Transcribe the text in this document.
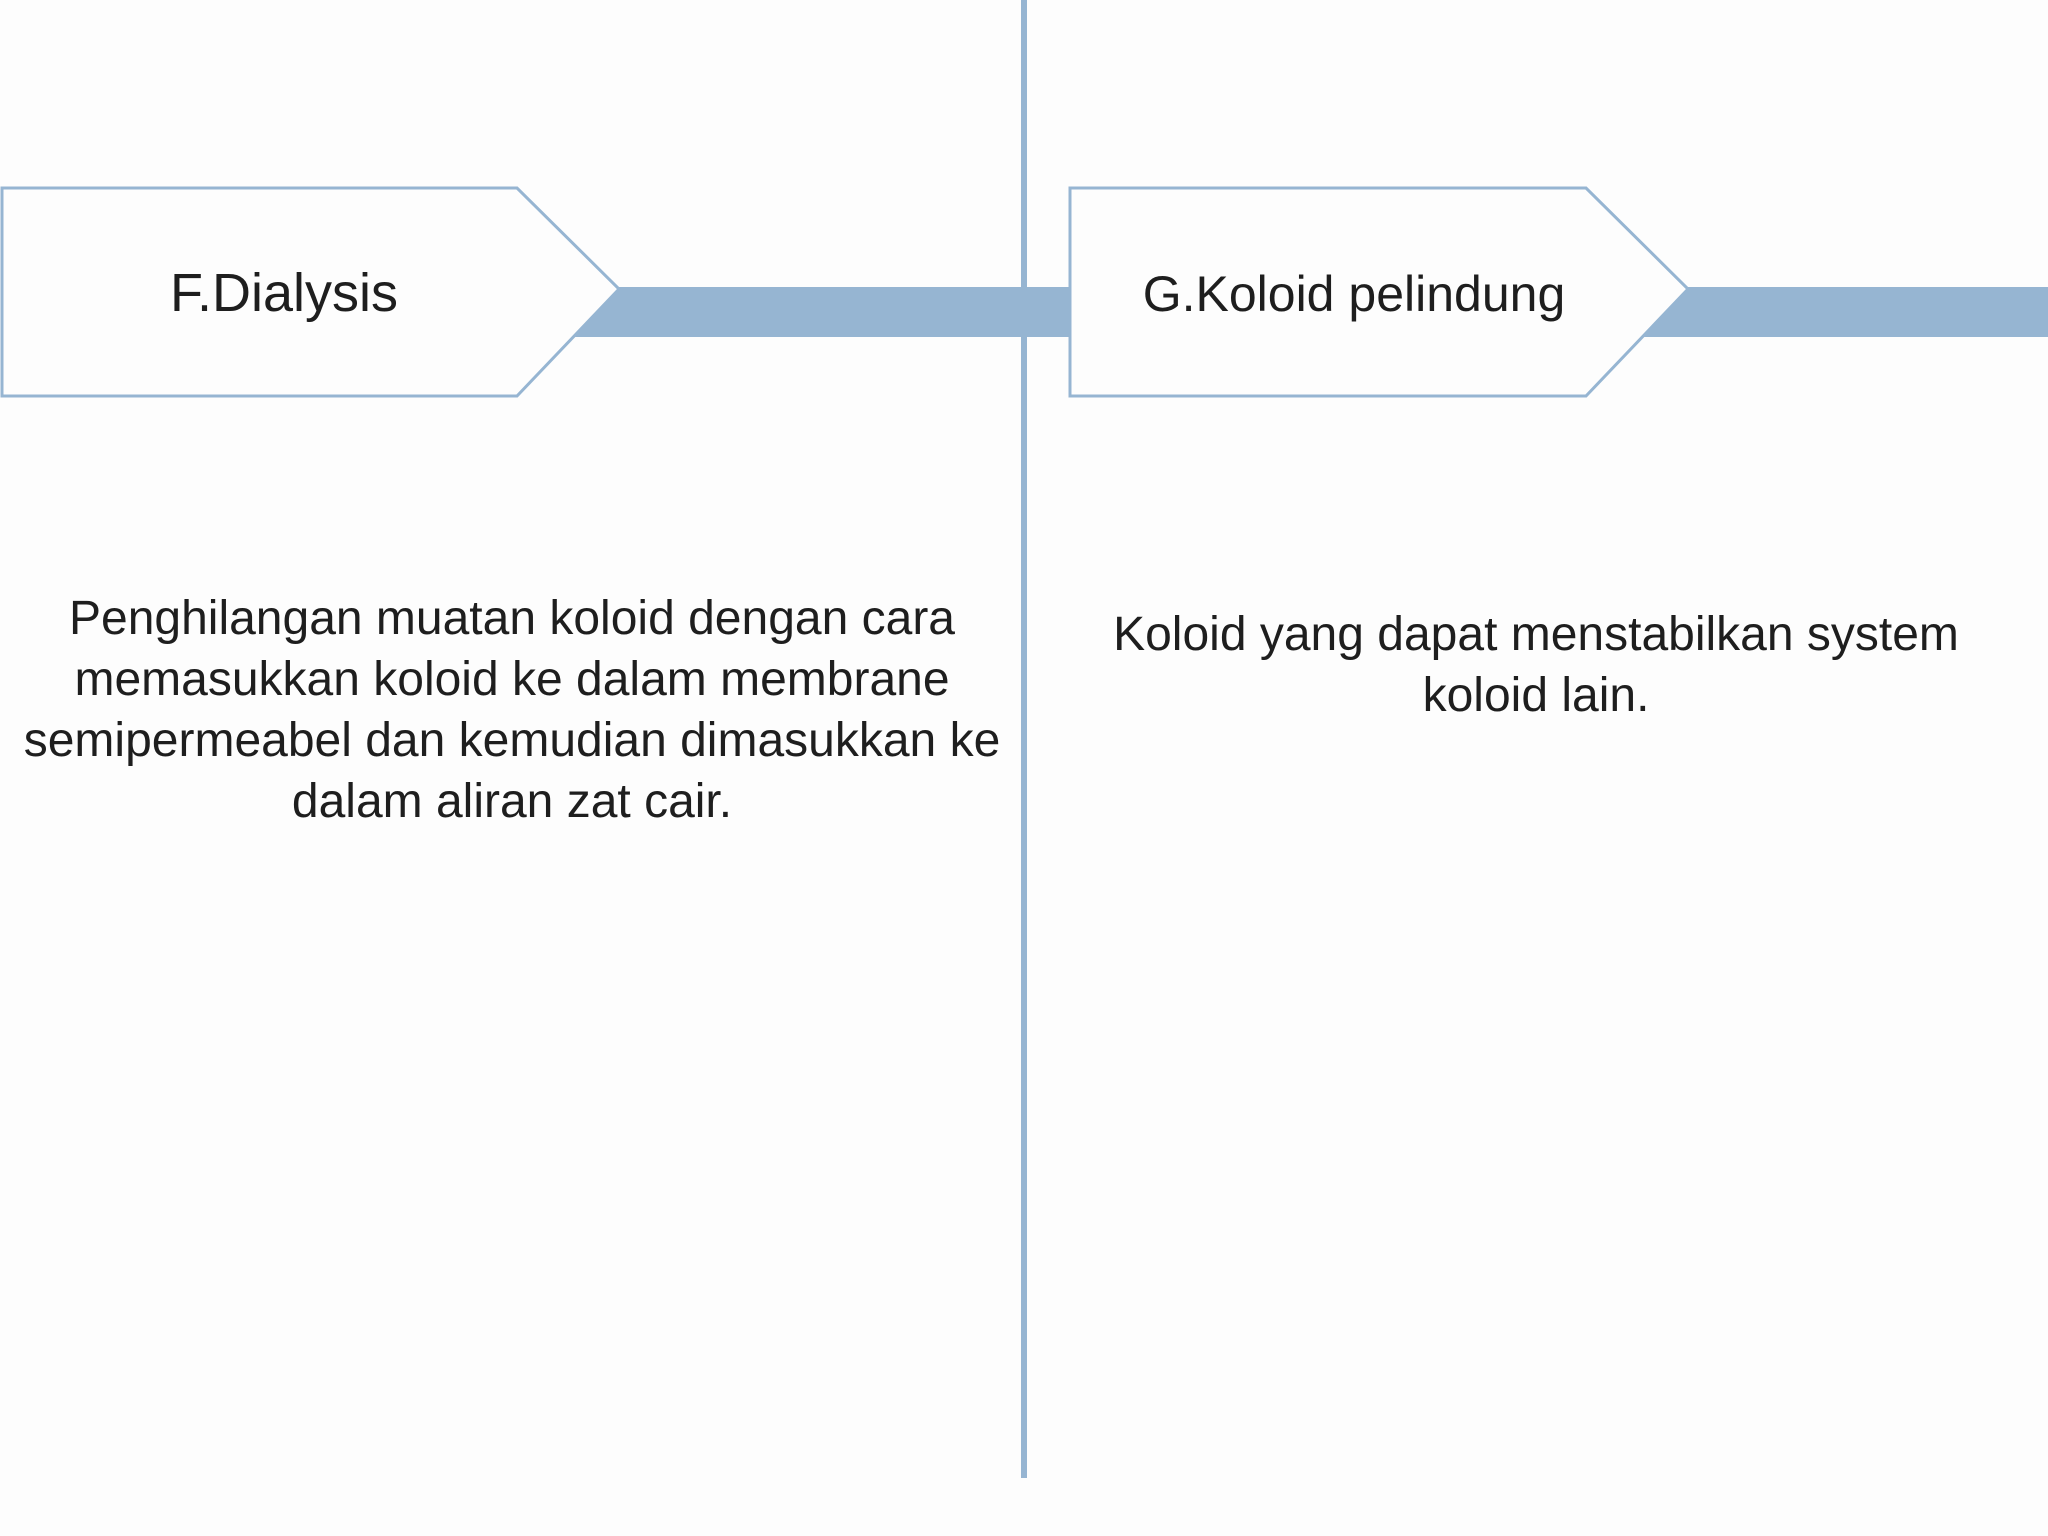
F.Dialysis	G.Koloid pelindung
Penghilangan muatan koloid dengan cara memasukkan koloid ke dalam membrane semipermeabel dan kemudian dimasukkan ke dalam aliran zat cair.
Koloid yang dapat menstabilkan system koloid lain.
